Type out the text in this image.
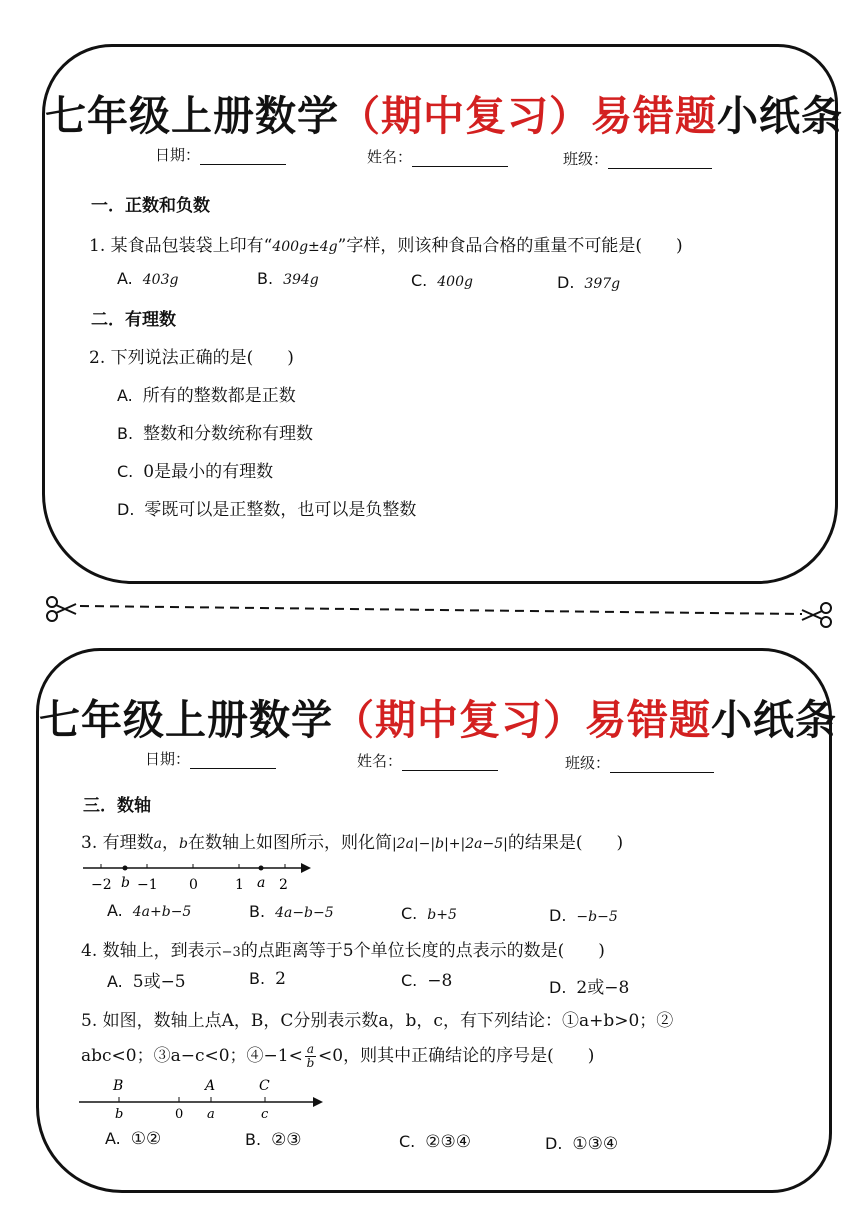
七年级上册数学（期中复习）易错题小纸条
日期：	姓名：	班级：
一．正数和负数
1. 某食品包装袋上印有“400g±4g”字样，则该种食品合格的重量不可能是(　　)
A. 403g	B. 394g	C. 400g	D. 397g
二．有理数
2. 下列说法正确的是(　　)
A. 所有的整数都是正数
B. 整数和分数统称有理数
C. 0是最小的有理数
D. 零既可以是正整数，也可以是负整数
七年级上册数学（期中复习）易错题小纸条
日期：	姓名：	班级：
三．数轴
3. 有理数a，b在数轴上如图所示，则化简|2a|−|b|+|2a−5|的结果是(　　)
−2 b −1 0	1 a 2
A. 4a+b−5	B. 4a−b−5	C. b+5	D. −b−5
4. 数轴上，到表示−3的点距离等于5个单位长度的点表示的数是(　　)
A. 5或−5	B. 2	C. −8	D. 2或−8
5. 如图，数轴上点A，B，C分别表示数a，b，c，有下列结论：①a+b>0；②
abc<0；③a−c<0；④−1< $\frac{a}{b} <0$，则其中正确结论的序号是(　　)
B	A	C
b	0 a	c
A. ①②	B. ②③	C. ②③④	D. ①③④
